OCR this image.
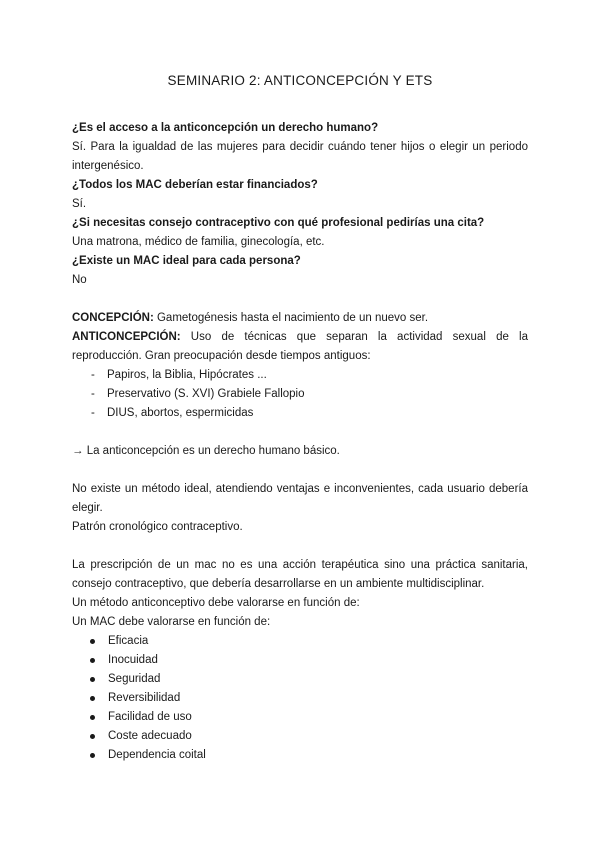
SEMINARIO 2: ANTICONCEPCIÓN Y ETS
¿Es el acceso a la anticoncepción un derecho humano?
Sí. Para la igualdad de las mujeres para decidir cuándo tener hijos o elegir un periodo intergenésico.
¿Todos los MAC deberían estar financiados?
Sí.
¿Si necesitas consejo contraceptivo con qué profesional pedirías una cita?
Una matrona, médico de familia, ginecología, etc.
¿Existe un MAC ideal para cada persona?
No
CONCEPCIÓN: Gametogénesis hasta el nacimiento de un nuevo ser.
ANTICONCEPCIÓN: Uso de técnicas que separan la actividad sexual de la reproducción. Gran preocupación desde tiempos antiguos:
- Papiros, la Biblia, Hipócrates ...
- Preservativo (S. XVI) Grabiele Fallopio
- DIUS, abortos, espermicidas
→ La anticoncepción es un derecho humano básico.
No existe un método ideal, atendiendo ventajas e inconvenientes, cada usuario debería elegir.
Patrón cronológico contraceptivo.
La prescripción de un mac no es una acción terapéutica sino una práctica sanitaria, consejo contraceptivo, que debería desarrollarse en un ambiente multidisciplinar.
Un método anticonceptivo debe valorarse en función de:
Un MAC debe valorarse en función de:
Eficacia
Inocuidad
Seguridad
Reversibilidad
Facilidad de uso
Coste adecuado
Dependencia coital
